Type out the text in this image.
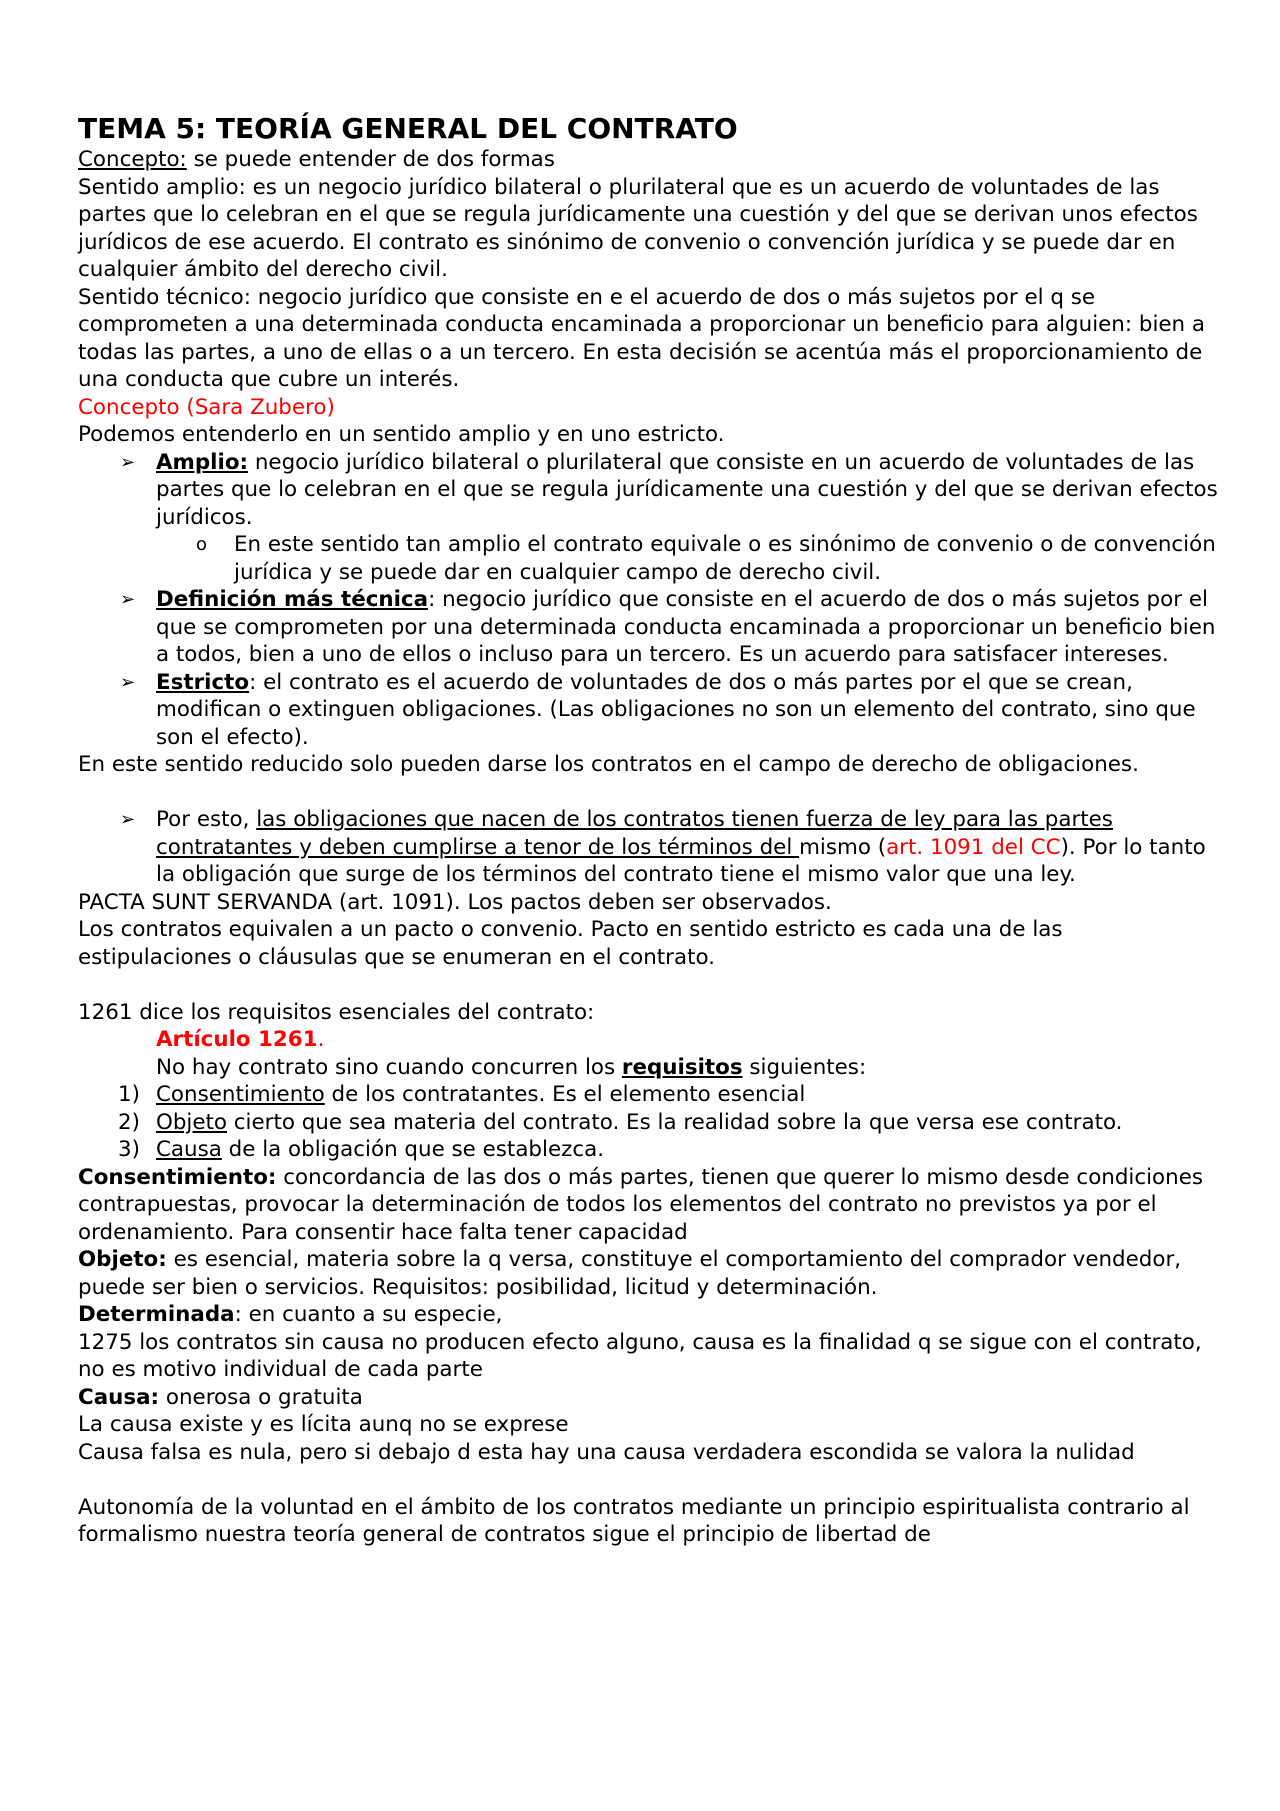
TEMA 5: TEORÍA GENERAL DEL CONTRATO

Concepto: se puede entender de dos formas

Sentido amplio: es un negocio jurídico bilateral o plurilateral que es un acuerdo de voluntades de las partes que lo celebran en el que se regula jurídicamente una cuestión y del que se derivan unos efectos jurídicos de ese acuerdo. El contrato es sinónimo de convenio o convención jurídica y se puede dar en cualquier ámbito del derecho civil.

Sentido técnico: negocio jurídico que consiste en e el acuerdo de dos o más sujetos por el q se comprometen a una determinada conducta encaminada a proporcionar un beneficio para alguien: bien a todas las partes, a uno de ellas o a un tercero. En esta decisión se acentúa más el proporcionamiento de una conducta que cubre un interés.

Concepto (Sara Zubero)

Podemos entenderlo en un sentido amplio y en uno estricto.

➢ Amplio: negocio jurídico bilateral o plurilateral que consiste en un acuerdo de voluntades de las partes que lo celebran en el que se regula jurídicamente una cuestión y del que se derivan efectos jurídicos.
o En este sentido tan amplio el contrato equivale o es sinónimo de convenio o de convención jurídica y se puede dar en cualquier campo de derecho civil.
➢ Definición más técnica: negocio jurídico que consiste en el acuerdo de dos o más sujetos por el que se comprometen por una determinada conducta encaminada a proporcionar un beneficio bien a todos, bien a uno de ellos o incluso para un tercero. Es un acuerdo para satisfacer intereses.
➢ Estricto: el contrato es el acuerdo de voluntades de dos o más partes por el que se crean, modifican o extinguen obligaciones. (Las obligaciones no son un elemento del contrato, sino que son el efecto).

En este sentido reducido solo pueden darse los contratos en el campo de derecho de obligaciones.

➢ Por esto, las obligaciones que nacen de los contratos tienen fuerza de ley para las partes contratantes y deben cumplirse a tenor de los términos del mismo (art. 1091 del CC). Por lo tanto la obligación que surge de los términos del contrato tiene el mismo valor que una ley.

PACTA SUNT SERVANDA (art. 1091). Los pactos deben ser observados.

Los contratos equivalen a un pacto o convenio. Pacto en sentido estricto es cada una de las estipulaciones o cláusulas que se enumeran en el contrato.

1261 dice los requisitos esenciales del contrato:

Artículo 1261.

No hay contrato sino cuando concurren los requisitos siguientes:

1) Consentimiento de los contratantes. Es el elemento esencial
2) Objeto cierto que sea materia del contrato. Es la realidad sobre la que versa ese contrato.
3) Causa de la obligación que se establezca.

Consentimiento: concordancia de las dos o más partes, tienen que querer lo mismo desde condiciones contrapuestas, provocar la determinación de todos los elementos del contrato no previstos ya por el ordenamiento. Para consentir hace falta tener capacidad

Objeto: es esencial, materia sobre la q versa, constituye el comportamiento del comprador vendedor, puede ser bien o servicios. Requisitos: posibilidad, licitud y determinación.

Determinada: en cuanto a su especie,

1275 los contratos sin causa no producen efecto alguno, causa es la finalidad q se sigue con el contrato, no es motivo individual de cada parte

Causa: onerosa o gratuita

La causa existe y es lícita aunq no se exprese

Causa falsa es nula, pero si debajo d esta hay una causa verdadera escondida se valora la nulidad

Autonomía de la voluntad en el ámbito de los contratos mediante un principio espiritualista contrario al formalismo nuestra teoría general de contratos sigue el principio de libertad de
